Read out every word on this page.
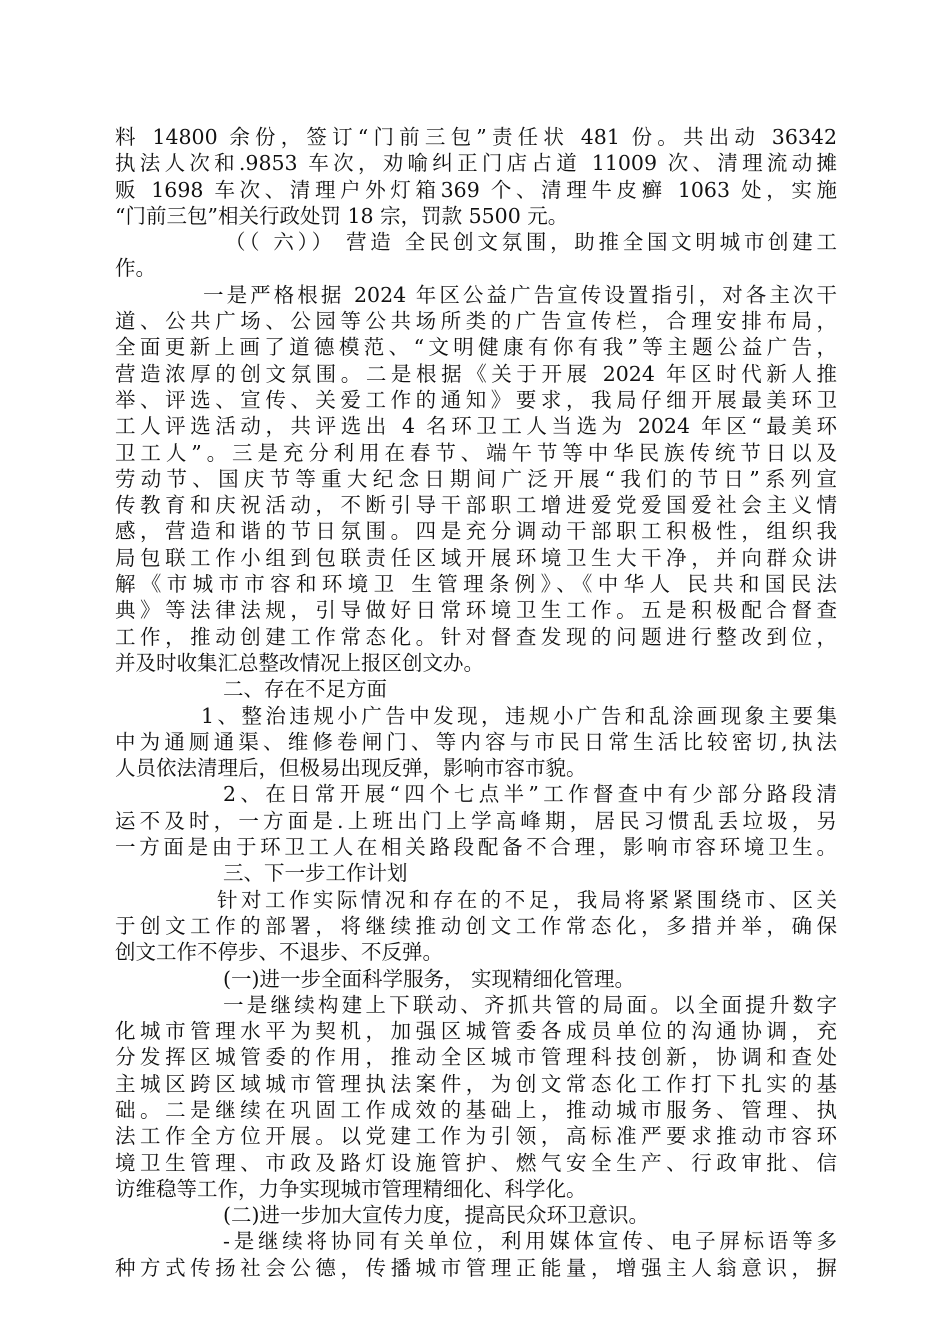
料 14800 余份，签订“门前三包”责任状 481 份。共出动 36342
执法人次和.9853 车次，劝喻纠正门店占道 11009 次、清理流动摊
贩 1698 车次、清理户外灯箱369 个、清理牛皮癣 1063 处，实施
“门前三包”相关行政处罚 18 宗，罚款 5500 元。
（（ 六）） 营造 全民创文氛围，助推全国文明城市创建工
作。
一是严格根据 2024 年区公益广告宣传设置指引，对各主次干
道、公共广场、公园等公共场所类的广告宣传栏，合理安排布局，
全面更新上画了道德模范、“文明健康有你有我”等主题公益广告，
营造浓厚的创文氛围。二是根据《关于开展 2024 年区时代新人推
举、评选、宣传、关爱工作的通知》要求，我局仔细开展最美环卫
工人评选活动，共评选出 4 名环卫工人当选为 2024 年区“最美环
卫工人”。三是充分利用在春节、端午节等中华民族传统节日以及
劳动节、国庆节等重大纪念日期间广泛开展“我们的节日”系列宣
传教育和庆祝活动，不断引导干部职工增进爱党爱国爱社会主义情
感，营造和谐的节日氛围。四是充分调动干部职工积极性，组织我
局包联工作小组到包联责任区域开展环境卫生大干净，并向群众讲
解《市城市市容和环境卫 生管理条例》、《中华人 民共和国民法
典》等法律法规，引导做好日常环境卫生工作。五是积极配合督查
工作，推动创建工作常态化。针对督查发现的问题进行整改到位，
并及时收集汇总整改情况上报区创文办。
二、存在不足方面
1、整治违规小广告中发现，违规小广告和乱涂画现象主要集
中为通厕通渠、维修卷闸门、等内容与市民日常生活比较密切,执法
人员依法清理后，但极易出现反弹，影响市容市貌。
2、在日常开展“四个七点半”工作督查中有少部分路段清
运不及时，一方面是.上班出门上学高峰期，居民习惯乱丢垃圾，另
一方面是由于环卫工人在相关路段配备不合理，影响市容环境卫生。
三、下一步工作计划
针对工作实际情况和存在的不足，我局将紧紧围绕市、区关
于创文工作的部署，将继续推动创文工作常态化，多措并举，确保
创文工作不停步、不退步、不反弹。
(一)进一步全面科学服务， 实现精细化管理。
一是继续构建上下联动、齐抓共管的局面。以全面提升数字
化城市管理水平为契机，加强区城管委各成员单位的沟通协调，充
分发挥区城管委的作用，推动全区城市管理科技创新，协调和查处
主城区跨区域城市管理执法案件，为创文常态化工作打下扎实的基
础。二是继续在巩固工作成效的基础上，推动城市服务、管理、执
法工作全方位开展。以党建工作为引领，高标准严要求推动市容环
境卫生管理、市政及路灯设施管护、燃气安全生产、行政审批、信
访维稳等工作，力争实现城市管理精细化、科学化。
(二)进一步加大宣传力度，提高民众环卫意识。
-是继续将协同有关单位，利用媒体宣传、电子屏标语等多
种方式传扬社会公德，传播城市管理正能量，增强主人翁意识，摒
